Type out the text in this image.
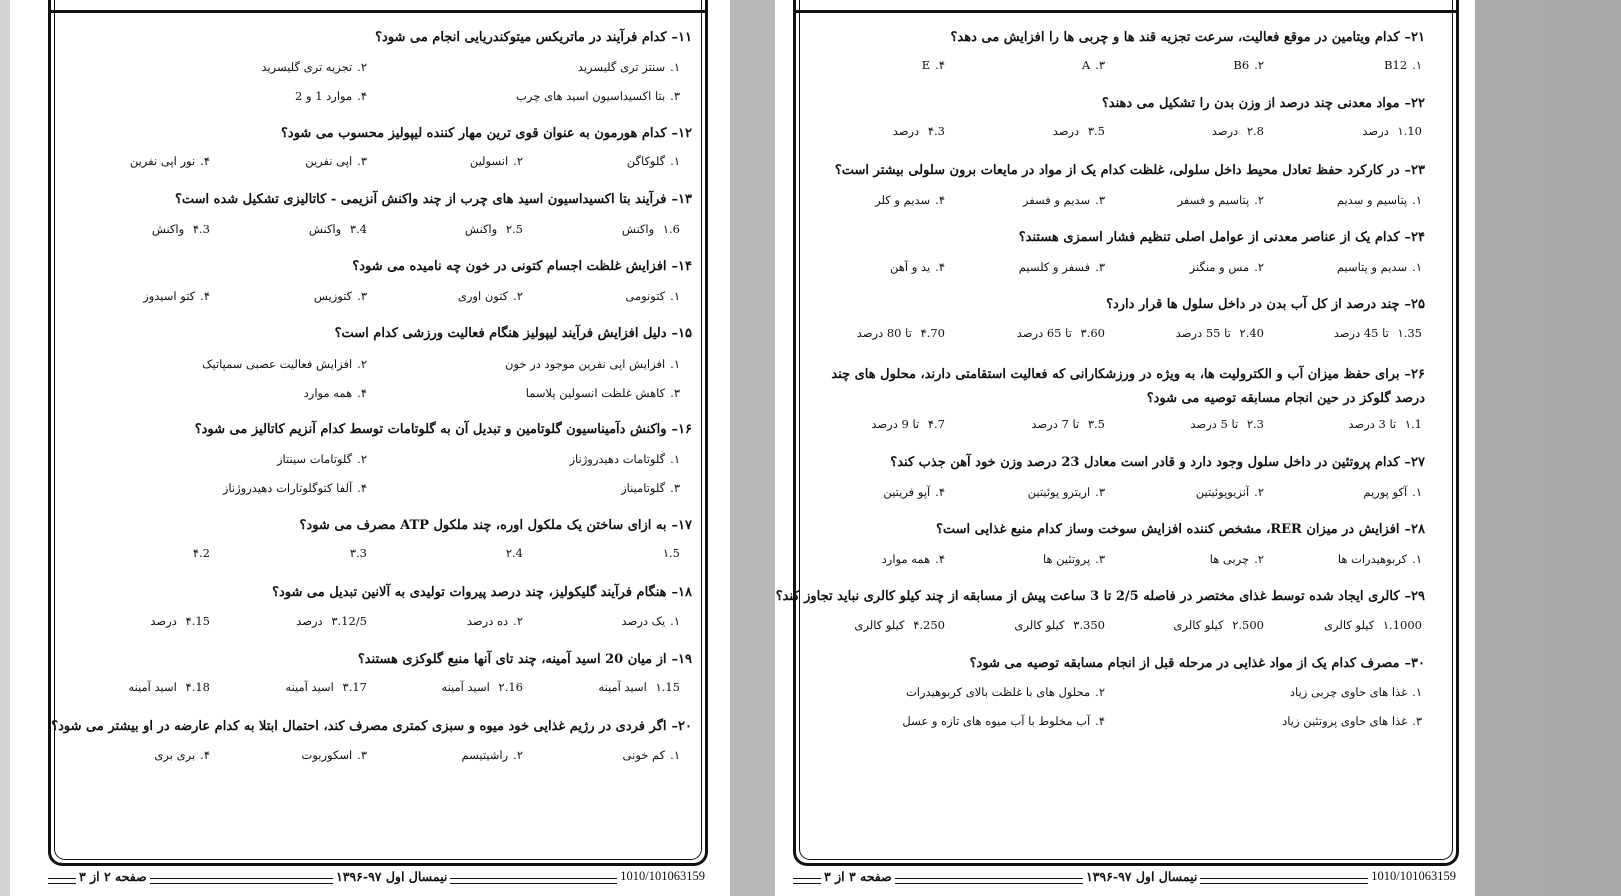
۱۱–کدام فرآیند در ماتریکس میتوکندریایی انجام می شود؟
۱.سنتز تری گلیسرید
۲.تجزیه تری گلیسرید
۳.بتا اکسیداسیون اسید های چرب
۴.موارد 1 و 2
۱۲–کدام هورمون به عنوان قوی ترین مهار کننده لیپولیز محسوب می شود؟
۱.گلوکاگن
۲.انسولین
۳.اپی نفرین
۴.نور اپی نفرین
۱۳–فرآیند بتا اکسیداسیون اسید های چرب از چند واکنش آنزیمی - کاتالیزی تشکیل شده است؟
۱.6 واکنش
۲.5 واکنش
۳.4 واکنش
۴.3 واکنش
۱۴–افزایش غلظت اجسام کتونی در خون چه نامیده می شود؟
۱.کتونومی
۲.کتون اوری
۳.کتوزیس
۴.کتو اسیدوز
۱۵–دلیل افزایش فرآیند لیپولیز هنگام فعالیت ورزشی کدام است؟
۱.افزایش اپی نفرین موجود در خون
۲.افزایش فعالیت عصبی سمپاتیک
۳.کاهش غلظت انسولین پلاسما
۴.همه موارد
۱۶–واکنش دآمیناسیون گلوتامین و تبدیل آن به گلوتامات توسط کدام آنزیم کاتالیز می شود؟
۱.گلوتامات دهیدروژناز
۲.گلوتامات سینتاز
۳.گلوتامیناز
۴.آلفا کتوگلوتارات دهیدروژناز
۱۷–به ازای ساختن یک ملکول اوره، چند ملکول ATP مصرف می شود؟
۱.5
۲.4
۳.3
۴.2
۱۸–هنگام فرآیند گلیکولیز، چند درصد پیروات تولیدی به آلانین تبدیل می شود؟
۱.یک درصد
۲.ده درصد
۳.12/5 درصد
۴.15 درصد
۱۹–از میان 20 اسید آمینه، چند تای آنها منبع گلوکزی هستند؟
۱.15 اسید آمینه
۲.16 اسید آمینه
۳.17 اسید آمینه
۴.18 اسید آمینه
۲۰–اگر فردی در رژیم غذایی خود میوه و سبزی کمتری مصرف کند، احتمال ابتلا به کدام عارضه در او بیشتر می شود؟
۱.کم خونی
۲.راشیتیسم
۳.اسکوربوت
۴.بری بری
1010/101063159
نیمسال اول ۹۷-۱۳۹۶
صفحه ۲ از ۳
۲۱–کدام ویتامین در موقع فعالیت، سرعت تجزیه قند ها و چربی ها را افزایش می دهد؟
۱.B12
۲.B6
۳.A
۴.E
۲۲–مواد معدنی چند درصد از وزن بدن را تشکیل می دهند؟
۱.10 درصد
۲.8 درصد
۳.5 درصد
۴.3 درصد
۲۳–در کارکرد حفظ تعادل محیط داخل سلولی، غلظت کدام یک از مواد در مایعات برون سلولی بیشتر است؟
۱.پتاسیم و سدیم
۲.پتاسیم و فسفر
۳.سدیم و فسفر
۴.سدیم و کلر
۲۴–کدام یک از عناصر معدنی از عوامل اصلی تنظیم فشار اسمزی هستند؟
۱.سدیم و پتاسیم
۲.مس و منگنز
۳.فسفر و کلسیم
۴.ید و آهن
۲۵–چند درصد از کل آب بدن در داخل سلول ها قرار دارد؟
۱.35 تا 45 درصد
۲.40 تا 55 درصد
۳.60 تا 65 درصد
۴.70 تا 80 درصد
۲۶–برای حفظ میزان آب و الکترولیت ها، به ویژه در ورزشکارانی که فعالیت استقامتی دارند، محلول های چند درصد گلوکز در حین انجام مسابقه توصیه می شود؟
۱.1 تا 3 درصد
۲.3 تا 5 درصد
۳.5 تا 7 درصد
۴.7 تا 9 درصد
۲۷–کدام پروتئین در داخل سلول وجود دارد و قادر است معادل 23 درصد وزن خود آهن جذب کند؟
۱.آکو پوریم
۲.آنزیوپوئیتین
۳.اریترو پوئیتین
۴.آپو فریتین
۲۸–افزایش در میزان RER، مشخص کننده افزایش سوخت وساز کدام منبع غذایی است؟
۱.کربوهیدرات ها
۲.چربی ها
۳.پروتئین ها
۴.همه موارد
۲۹–کالری ایجاد شده توسط غذای مختصر در فاصله 2/5 تا 3 ساعت پیش از مسابقه از چند کیلو کالری نباید تجاوز کند؟
۱.1000 کیلو کالری
۲.500 کیلو کالری
۳.350 کیلو کالری
۴.250 کیلو کالری
۳۰–مصرف کدام یک از مواد غذایی در مرحله قبل از انجام مسابقه توصیه می شود؟
۱.غذا های حاوی چربی زیاد
۲.محلول های با غلظت بالای کربوهیدرات
۳.غذا های حاوی پروتئین زیاد
۴.آب مخلوط با آب میوه های تازه و عسل
1010/101063159
نیمسال اول ۹۷-۱۳۹۶
صفحه ۳ از ۳
